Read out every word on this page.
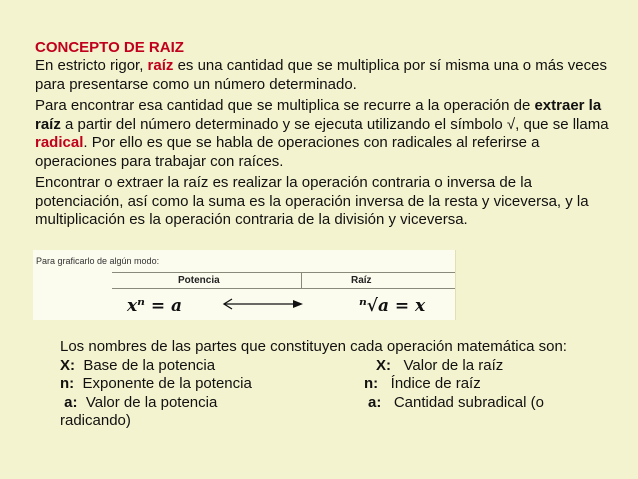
CONCEPTO DE RAIZ
En estricto rigor, raíz es una cantidad que se multiplica por sí misma una o más veces para presentarse como un número determinado.
Para encontrar esa cantidad que se multiplica se recurre a la operación de extraer la raíz a partir del número determinado y se ejecuta utilizando el símbolo √, que se llama radical. Por ello es que se habla de operaciones con radicales al referirse a operaciones para trabajar con raíces.
Encontrar o extraer la raíz es realizar la operación contraria o inversa de la potenciación, así como la suma es la operación inversa de la resta y viceversa, y la multiplicación es la operación contraria de la división y viceversa.
Para graficarlo de algún modo:
Potencia	Raíz
xⁿ = a	ⁿ√a = x
Los nombres de las partes que constituyen cada operación matemática son:
X:  Base de la potencia	X:   Valor de la raíz
n:  Exponente de la potencia	n:   Índice de raíz
a:  Valor de la potencia	a:   Cantidad subradical (o
radicando)
